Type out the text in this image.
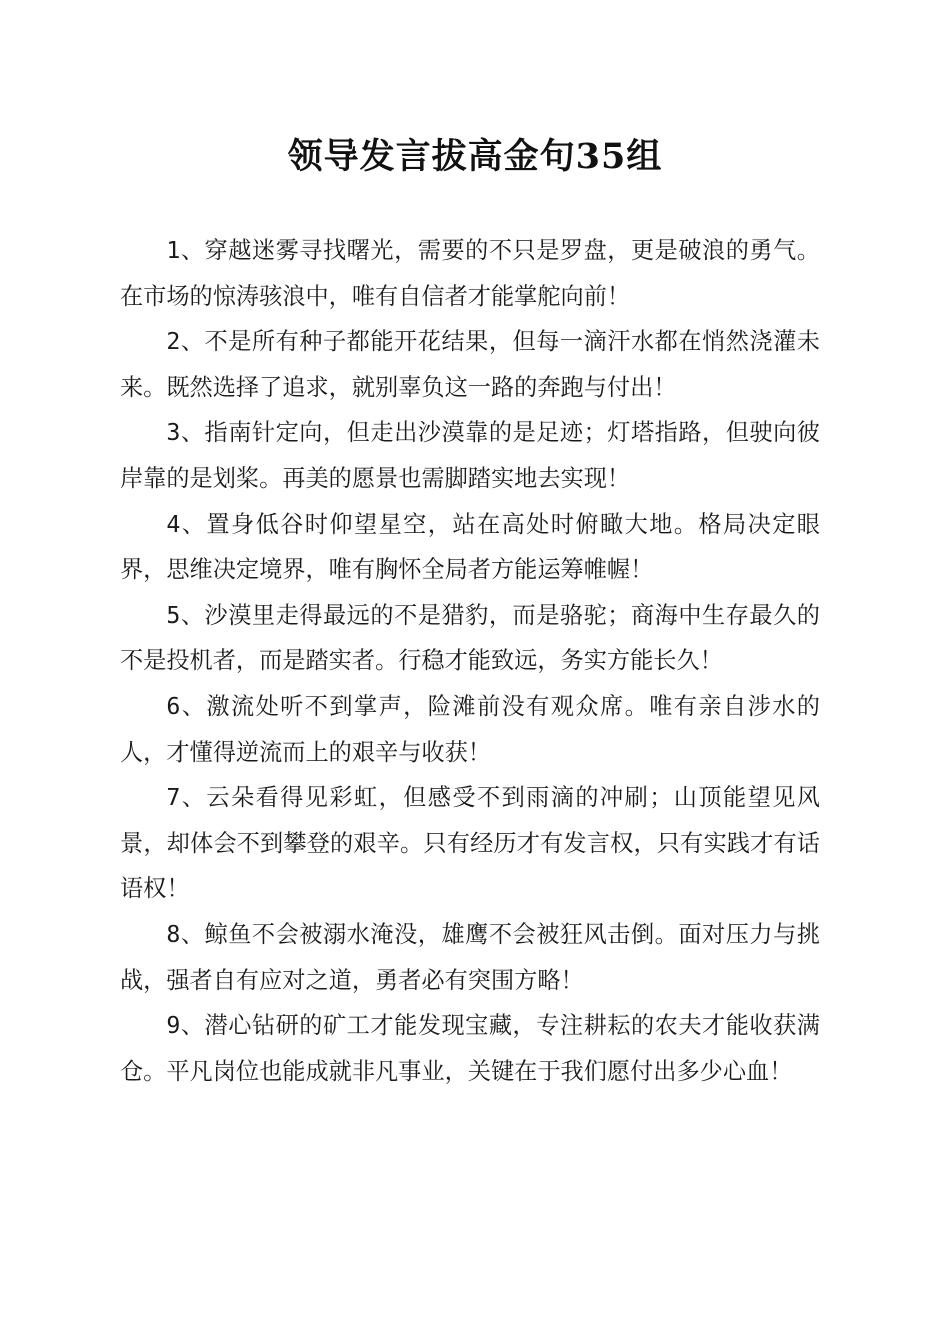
领导发言拔高金句35组

1、穿越迷雾寻找曙光，需要的不只是罗盘，更是破浪的勇气。在市场的惊涛骇浪中，唯有自信者才能掌舵向前！

2、不是所有种子都能开花结果，但每一滴汗水都在悄然浇灌未来。既然选择了追求，就别辜负这一路的奔跑与付出！

3、指南针定向，但走出沙漠靠的是足迹；灯塔指路，但驶向彼岸靠的是划桨。再美的愿景也需脚踏实地去实现！

4、置身低谷时仰望星空，站在高处时俯瞰大地。格局决定眼界，思维决定境界，唯有胸怀全局者方能运筹帷幄！

5、沙漠里走得最远的不是猎豹，而是骆驼；商海中生存最久的不是投机者，而是踏实者。行稳才能致远，务实方能长久！

6、激流处听不到掌声，险滩前没有观众席。唯有亲自涉水的人，才懂得逆流而上的艰辛与收获！

7、云朵看得见彩虹，但感受不到雨滴的冲刷；山顶能望见风景，却体会不到攀登的艰辛。只有经历才有发言权，只有实践才有话语权！

8、鲸鱼不会被溺水淹没，雄鹰不会被狂风击倒。面对压力与挑战，强者自有应对之道，勇者必有突围方略！

9、潜心钻研的矿工才能发现宝藏，专注耕耘的农夫才能收获满仓。平凡岗位也能成就非凡事业，关键在于我们愿付出多少心血！
